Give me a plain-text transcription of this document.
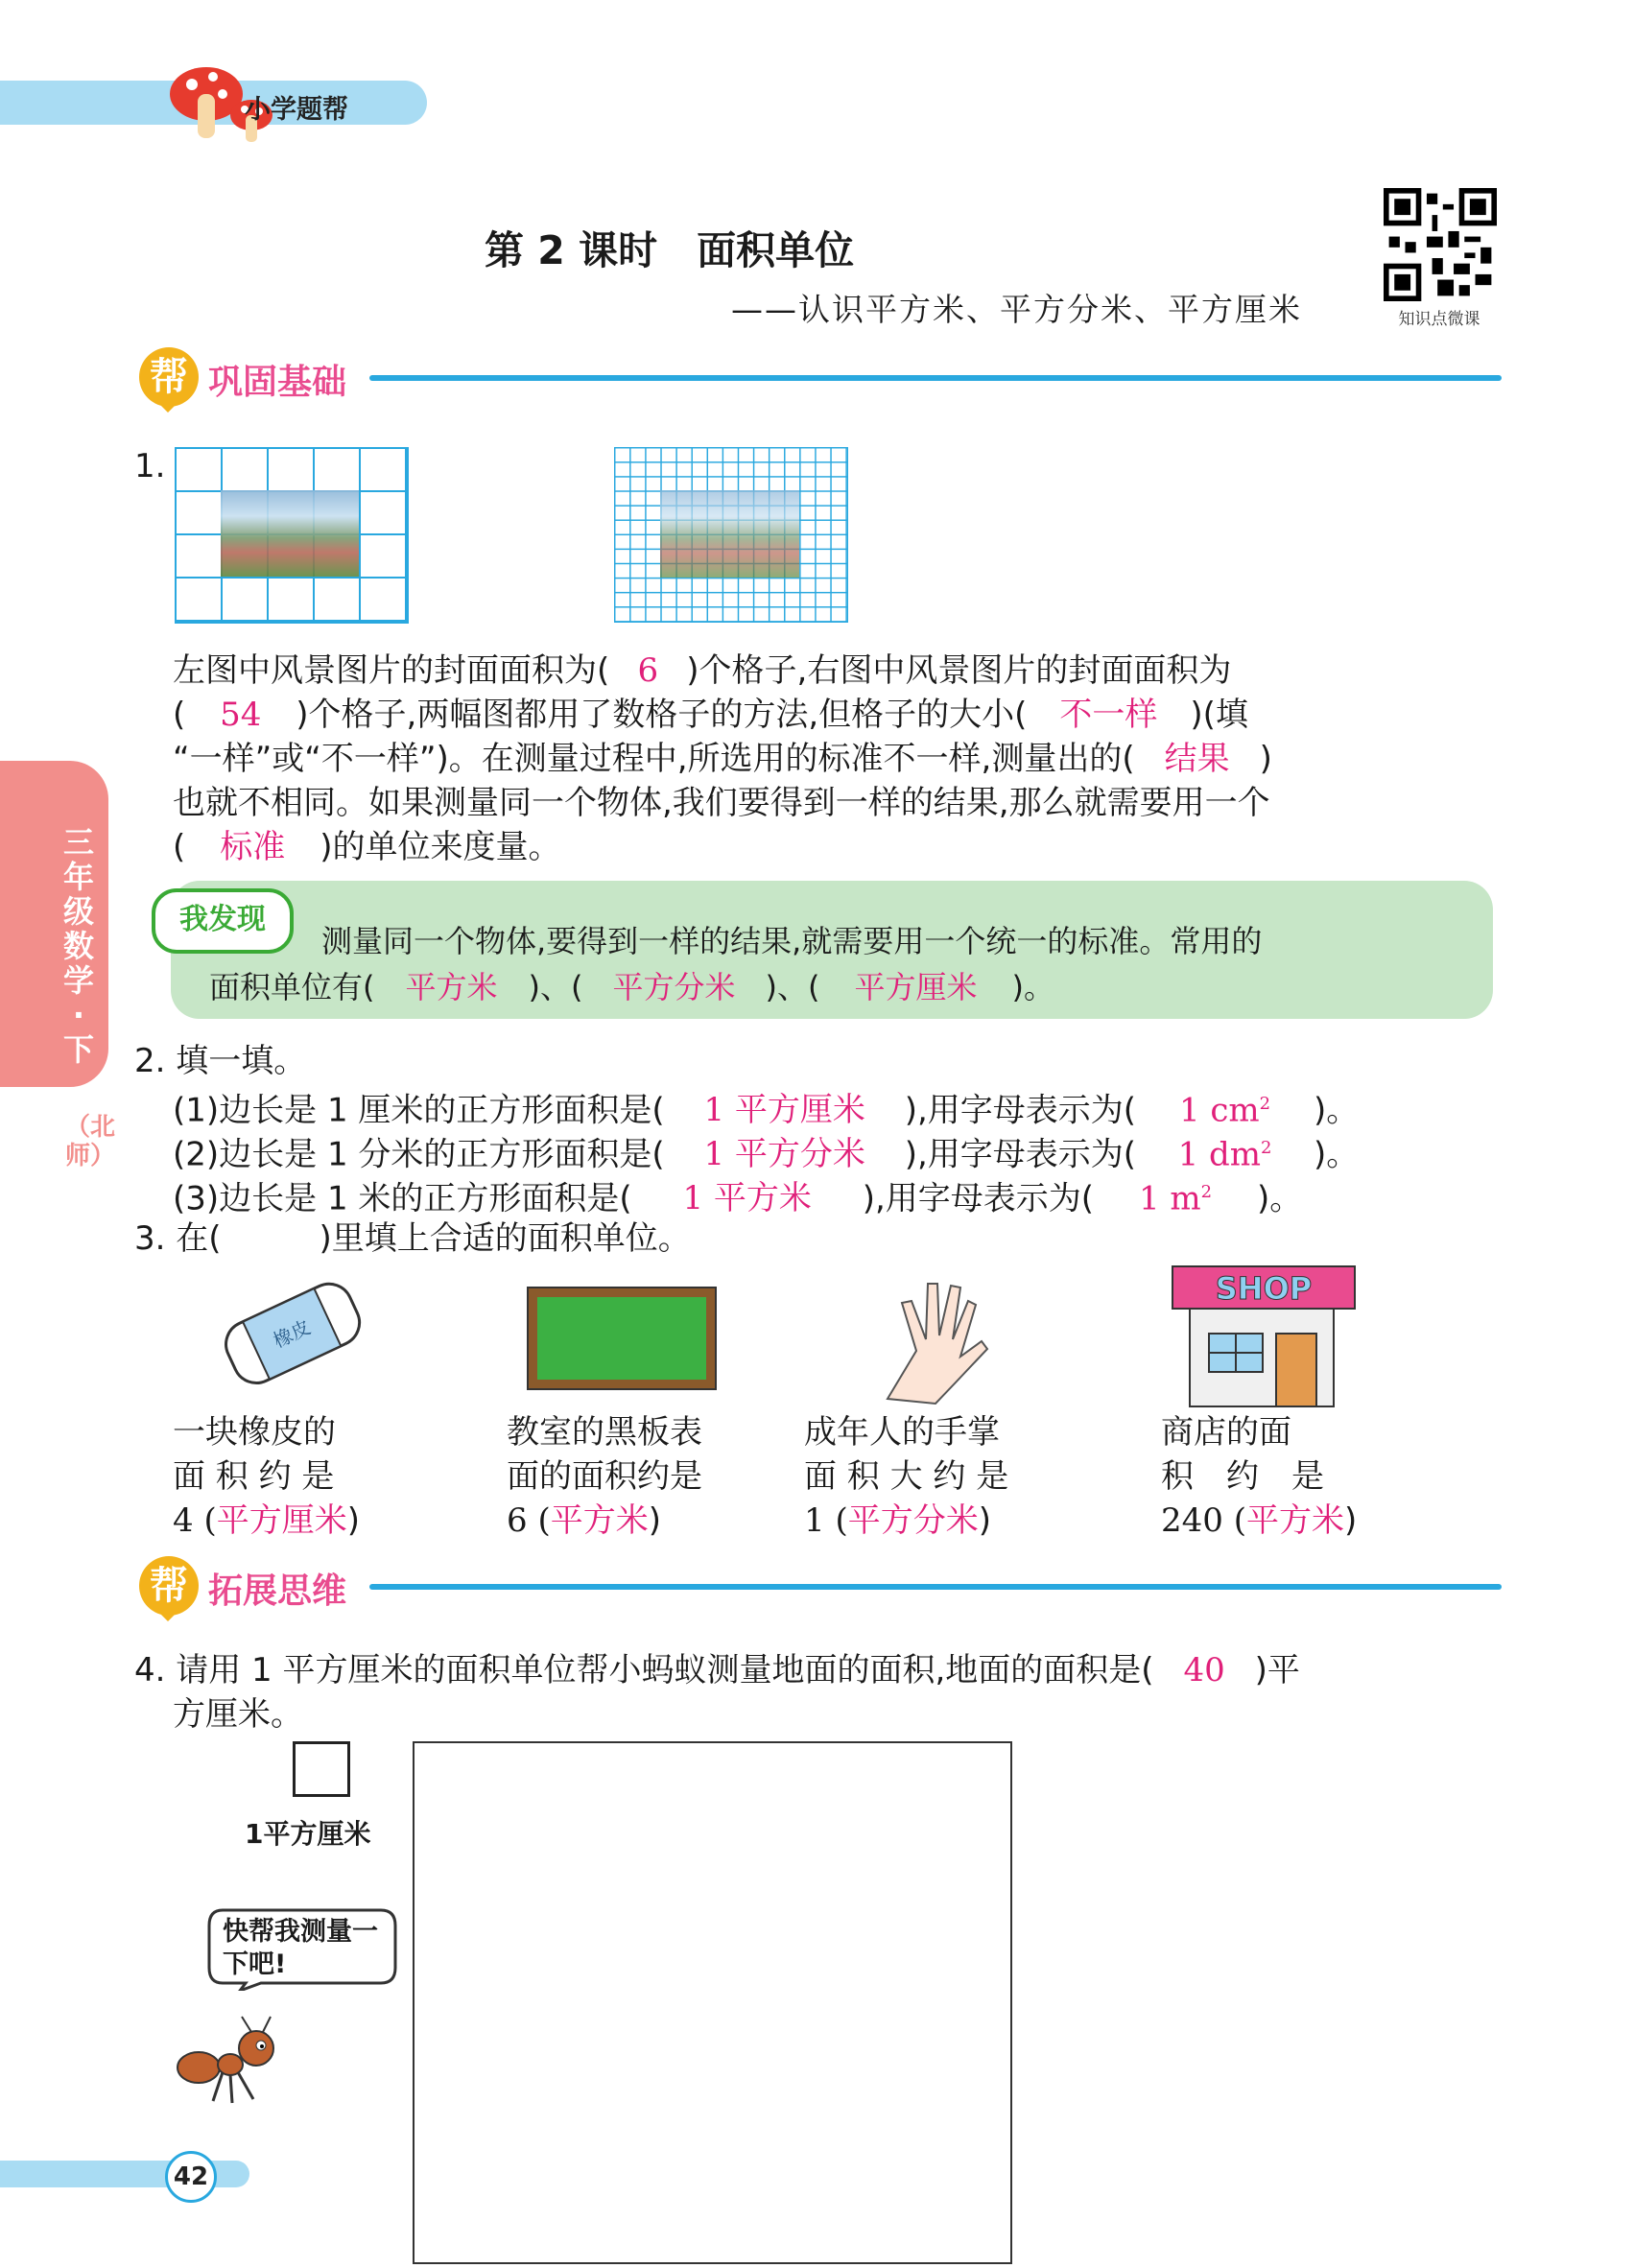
小学题帮
第 2 课时　面积单位
——认识平方米、平方分米、平方厘米	知识点微课
三年级数学·下
（北师）
帮 巩固基础
1.
左图中风景图片的封面面积为( 6 )个格子,右图中风景图片的封面面积为
( 54 )个格子,两幅图都用了数格子的方法,但格子的大小( 不一样 )(填
“一样”或“不一样”)。在测量过程中,所选用的标准不一样,测量出的( 结果 )
也就不相同。如果测量同一个物体,我们要得到一样的结果,那么就需要用一个
( 标准 )的单位来度量。
我发现
测量同一个物体,要得到一样的结果,就需要用一个统一的标准。常用的
面积单位有( 平方米 )、( 平方分米 )、( 平方厘米 )。
2. 填一填。
(1)边长是 1 厘米的正方形面积是( 1 平方厘米 ),用字母表示为( 1 $cm^2$ )。
(2)边长是 1 分米的正方形面积是( 1 平方分米 ),用字母表示为( 1 $dm^2$ )。
(3)边长是 1 米的正方形面积是( 1 平方米 ),用字母表示为( 1 $m^2$ )。
3. 在(　　　)里填上合适的面积单位。
橡皮
SHOP
一块橡皮的
面 积 约 是
4 (平方厘米)
教室的黑板表
面的面积约是
6 (平方米)
成年人的手掌
面 积 大 约 是
1 (平方分米)
商店的面
积　约　是
240 (平方米)
帮 拓展思维
4. 请用 1 平方厘米的面积单位帮小蚂蚁测量地面的面积,地面的面积是( 40 )平
方厘米。
1平方厘米
快帮我测量一下吧!
42
